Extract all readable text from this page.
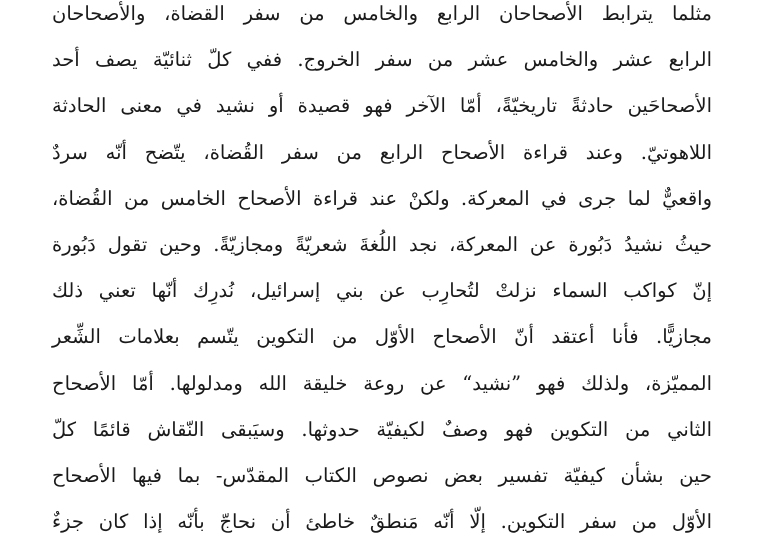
مثلما يترابط الأصحاحان الرابع والخامس من سفر القضاة، والأصحاحان
الرابع عشر والخامس عشر من سفر الخروج. ففي كلّ ثنائيّة يصف أحد
الأصحاحَين حادثةً تاريخيّةً، أمّا الآخر فهو قصيدة أو نشيد في معنى الحادثة
اللاهوتيّ. وعند قراءة الأصحاح الرابع من سفر القُضاة، يتّضح أنّه سردٌ
واقعيٌّ لما جرى في المعركة. ولكنْ عند قراءة الأصحاح الخامس من القُضاة،
حيثُ نشيدُ دَبُورة عن المعركة، نجد اللُغةَ شعريّةً ومجازيّةً. وحين تقول دَبُورة
إنّ كواكب السماء نزلتْ لتُحارِب عن بني إسرائيل، نُدرِك أنّها تعني ذلك
مجازيًّا. فأنا أعتقد أنّ الأصحاح الأوّل من التكوين يتّسم بعلامات الشِّعر
المميّزة، ولذلك فهو ”نشيد“ عن روعة خليقة الله ومدلولها. أمّا الأصحاح
الثاني من التكوين فهو وصفٌ لكيفيّة حدوثها. وسيَبقى النّقاش قائمًا كلّ
حين بشأن كيفيّة تفسير بعض نصوص الكتاب المقدّس- بما فيها الأصحاح
الأوّل من سفر التكوين. إلّا أنّه مَنطقٌ خاطئ أن نحاجّ بأنّه إذا كان جزءٌ
